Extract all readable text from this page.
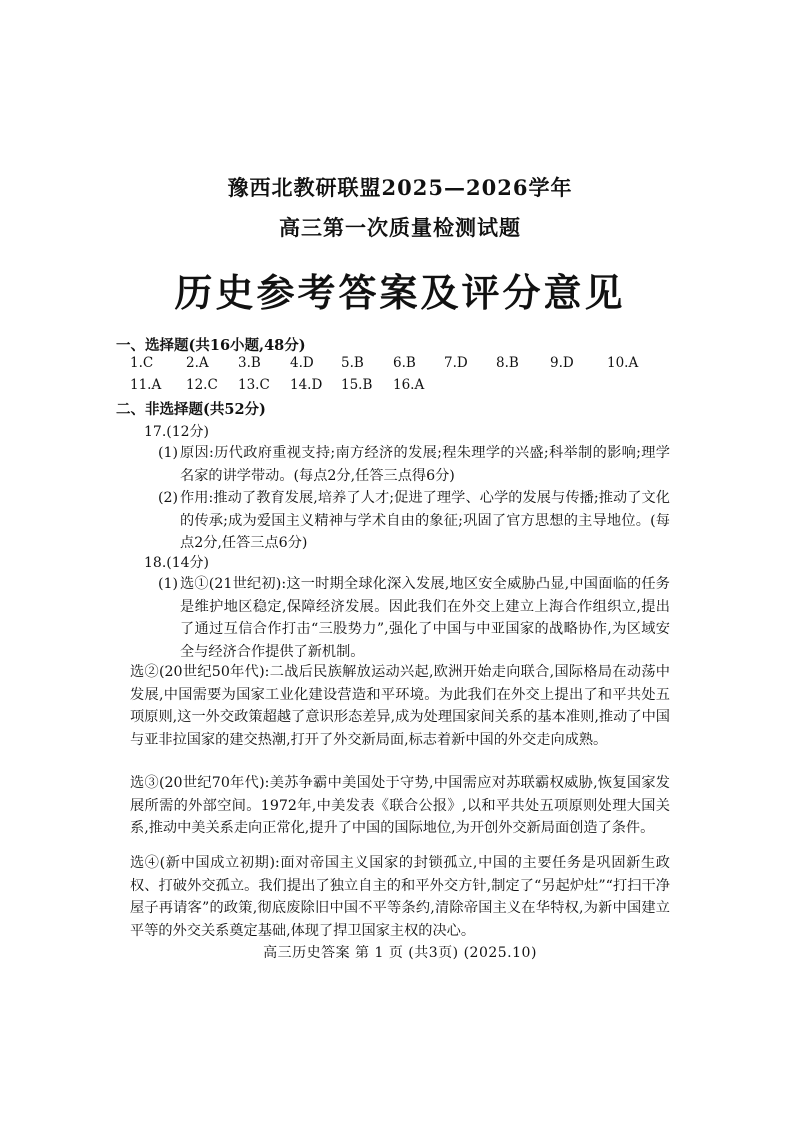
豫西北教研联盟2025—2026学年
高三第一次质量检测试题
历史参考答案及评分意见
一、选择题(共16小题,48分)
1.C 2.A 3.B 4.D 5.B 6.B 7.D 8.B 9.D 10.A
11.A 12.C 13.C 14.D 15.B 16.A
二、非选择题(共52分)
17.(12分)
(1) 原因:历代政府重视支持;南方经济的发展;程朱理学的兴盛;科举制的影响;理学名家的讲学带动。(每点2分,任答三点得6分)
(2) 作用:推动了教育发展,培养了人才;促进了理学、心学的发展与传播;推动了文化的传承;成为爱国主义精神与学术自由的象征;巩固了官方思想的主导地位。(每点2分,任答三点6分)
18.(14分)
(1) 选①(21世纪初):这一时期全球化深入发展,地区安全威胁凸显,中国面临的任务是维护地区稳定,保障经济发展。因此我们在外交上建立上海合作组织立,提出了通过互信合作打击“三股势力”,强化了中国与中亚国家的战略协作,为区域安全与经济合作提供了新机制。
选②(20世纪50年代):二战后民族解放运动兴起,欧洲开始走向联合,国际格局在动荡中发展,中国需要为国家工业化建设营造和平环境。为此我们在外交上提出了和平共处五项原则,这一外交政策超越了意识形态差异,成为处理国家间关系的基本准则,推动了中国与亚非拉国家的建交热潮,打开了外交新局面,标志着新中国的外交走向成熟。
选③(20世纪70年代):美苏争霸中美国处于守势,中国需应对苏联霸权威胁,恢复国家发展所需的外部空间。1972年,中美发表《联合公报》,以和平共处五项原则处理大国关系,推动中美关系走向正常化,提升了中国的国际地位,为开创外交新局面创造了条件。
选④(新中国成立初期):面对帝国主义国家的封锁孤立,中国的主要任务是巩固新生政权、打破外交孤立。我们提出了独立自主的和平外交方针,制定了“另起炉灶”“打扫干净屋子再请客”的政策,彻底废除旧中国不平等条约,清除帝国主义在华特权,为新中国建立平等的外交关系奠定基础,体现了捍卫国家主权的决心。
高三历史答案 第 1 页 (共3页) (2025.10)
